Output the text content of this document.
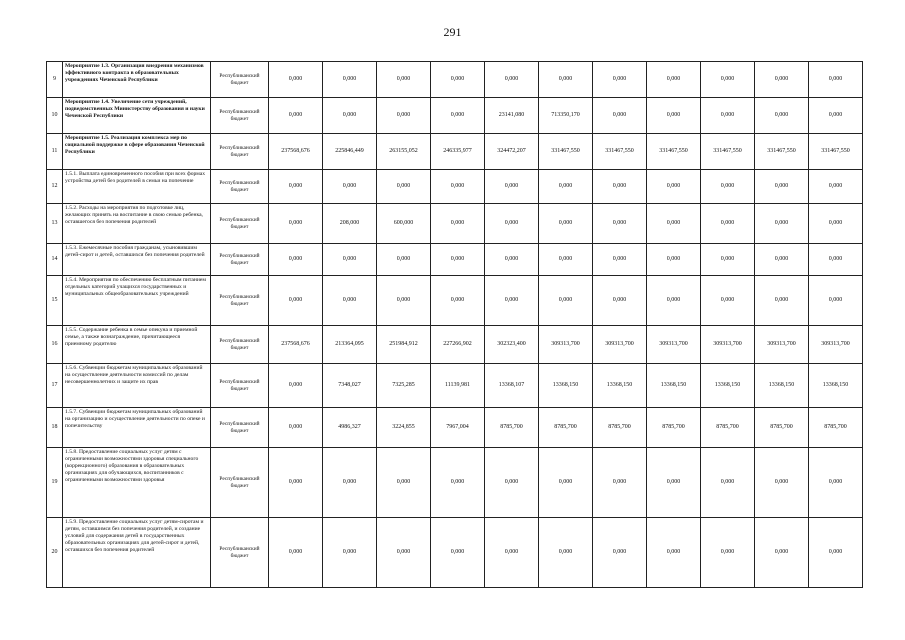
291
9	Мероприятие 1.3. Организация внедрения механизмов эффективного контракта в образовательных учреждениях Чеченской Республики	Республиканский бюджет	0,000	0,000	0,000	0,000	0,000	0,000	0,000	0,000	0,000	0,000	0,000
10	Мероприятие 1.4. Увеличение сети учреждений, подведомственных Министерству образования и науки Чеченской Республики	Республиканский бюджет	0,000	0,000	0,000	0,000	23141,080	713350,170	0,000	0,000	0,000	0,000	0,000
11	Мероприятие 1.5. Реализация комплекса мер по социальной поддержке в сфере образования Чеченской Республики	Республиканский бюджет	237568,676	225846,449	263155,052	246335,977	324472,207	331467,550	331467,550	331467,550	331467,550	331467,550	331467,550
12	1.5.1. Выплата единовременного пособия при всех формах устройства детей без родителей в семьи на попечение	Республиканский бюджет	0,000	0,000	0,000	0,000	0,000	0,000	0,000	0,000	0,000	0,000	0,000
13	1.5.2. Расходы на мероприятия по подготовке лиц, желающих принять на воспитание в свою семью ребенка, оставшегося без попечения родителей	Республиканский бюджет	0,000	208,000	600,000	0,000	0,000	0,000	0,000	0,000	0,000	0,000	0,000
14	1.5.3. Ежемесячные пособия гражданам, усыновившим детей-сирот и детей, оставшихся без попечения родителей	Республиканский бюджет	0,000	0,000	0,000	0,000	0,000	0,000	0,000	0,000	0,000	0,000	0,000
15	1.5.4. Мероприятия по обеспечению бесплатным питанием отдельных категорий учащихся государственных и муниципальных общеобразовательных учреждений	Республиканский бюджет	0,000	0,000	0,000	0,000	0,000	0,000	0,000	0,000	0,000	0,000	0,000
16	1.5.5. Содержание ребенка в семье опекуна и приемной семье, а также вознаграждение, причитающееся приемному родителю	Республиканский бюджет	237568,676	213364,095	251984,912	227266,902	302323,400	309313,700	309313,700	309313,700	309313,700	309313,700	309313,700
17	1.5.6. Субвенции бюджетам муниципальных образований на осуществление деятельности комиссий по делам несовершеннолетних и защите их прав	Республиканский бюджет	0,000	7348,027	7325,285	11139,981	13368,107	13368,150	13368,150	13368,150	13368,150	13368,150	13368,150
18	1.5.7. Субвенции бюджетам муниципальных образований на организацию и осуществление деятельности по опеке и попечительству	Республиканский бюджет	0,000	4986,327	3224,855	7967,004	8785,700	8785,700	8785,700	8785,700	8785,700	8785,700	8785,700
19	1.5.8. Предоставление социальных услуг детям с ограниченными возможностями здоровья специального (коррекционного) образования в образовательных организациях для обучающихся, воспитанников с ограниченными возможностями здоровья	Республиканский бюджет	0,000	0,000	0,000	0,000	0,000	0,000	0,000	0,000	0,000	0,000	0,000
20	1.5.9. Предоставление социальных услуг детям-сиротам и детям, оставшимся без попечения родителей, и создание условий для содержания детей в государственных образовательных организациях для детей-сирот и детей, оставшихся без попечения родителей	Республиканский бюджет	0,000	0,000	0,000	0,000	0,000	0,000	0,000	0,000	0,000	0,000	0,000
